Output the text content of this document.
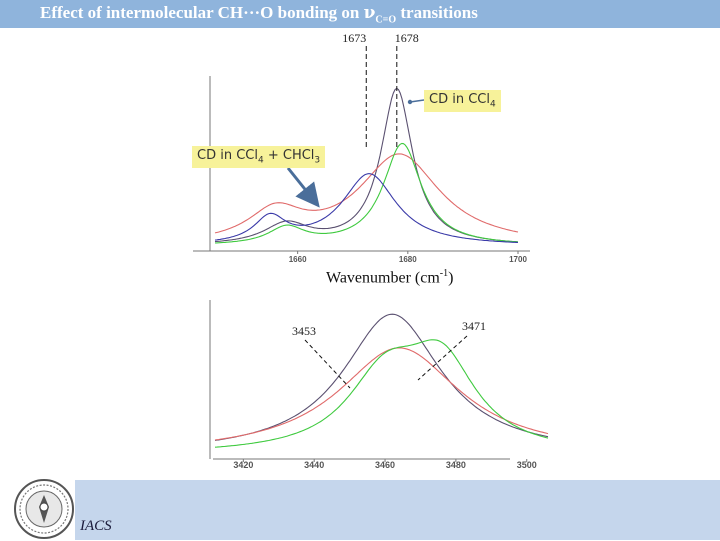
Effect of intermolecular CH···O bonding on $\nu_{C=O}$ transitions
1660	1680	1700
3420	3440	3460	3480	3500
1673 1678
3453	3471
CD in CCl$_4$
CD in CCl$_4$ + CHCl$_3$
Wavenumber $(cm^{-1})$
IACS
